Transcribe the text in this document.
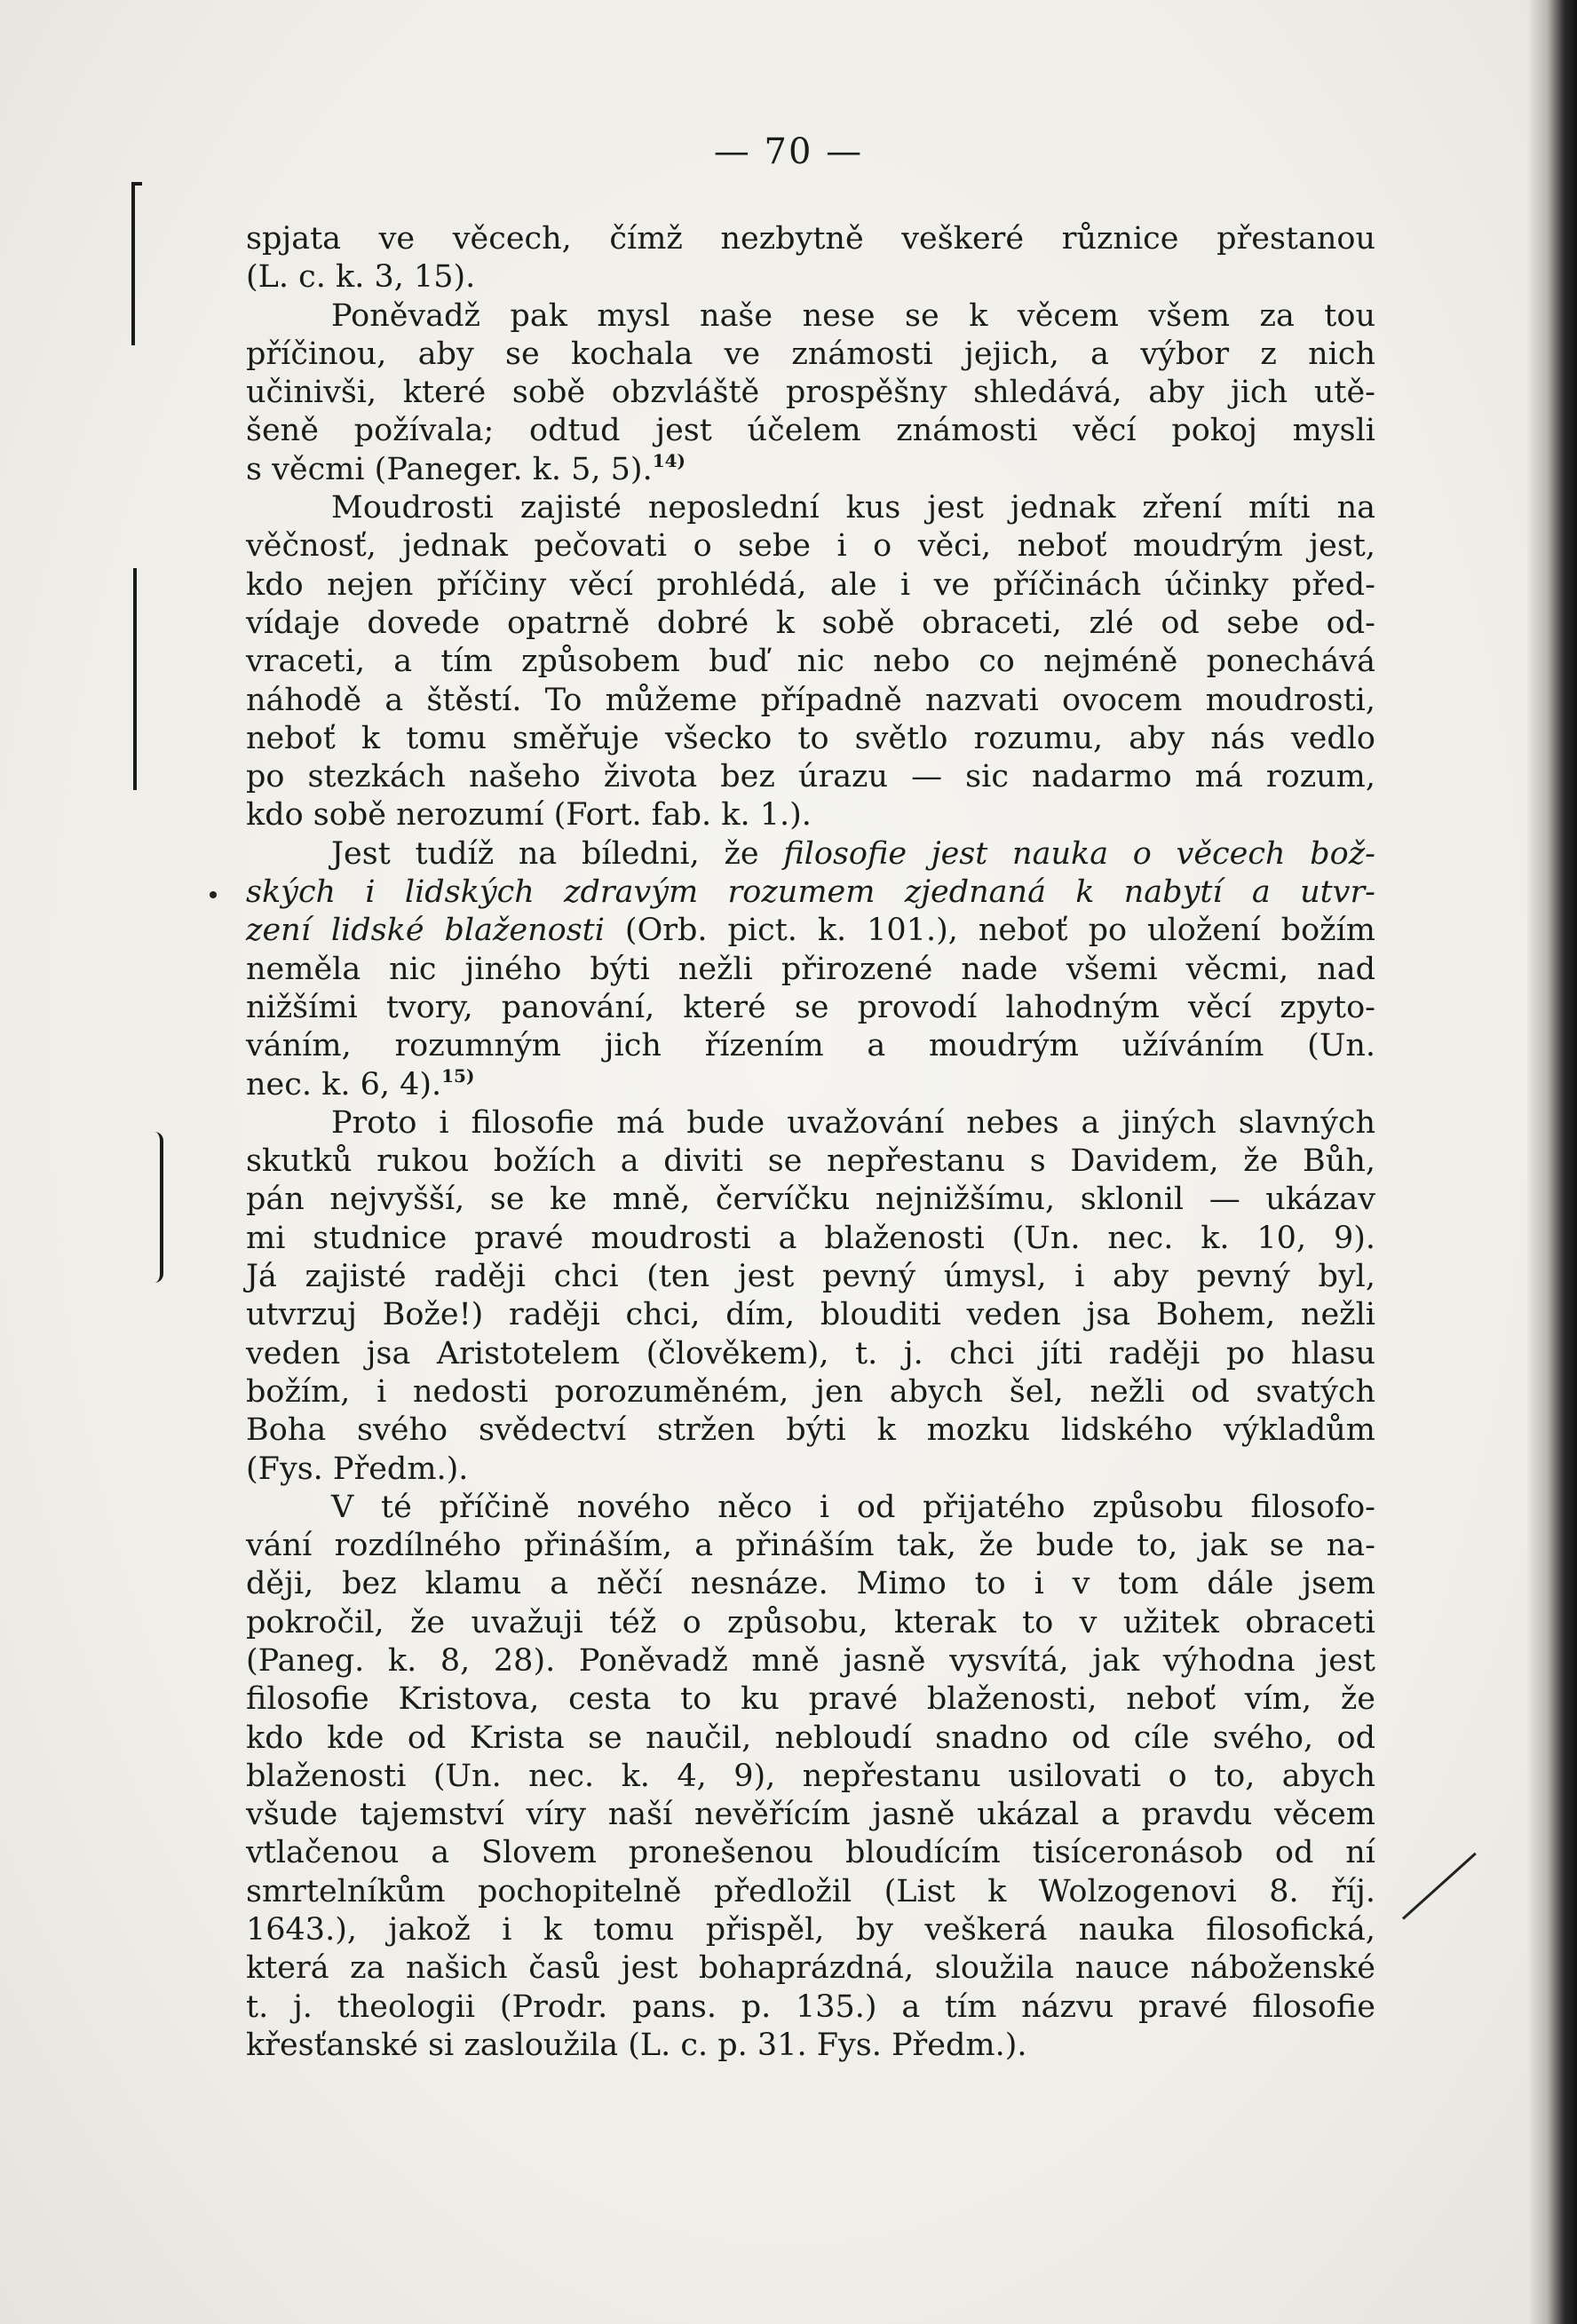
— 70 —
spjata ve věcech, čímž nezbytně veškeré různice přestanou
(L. c. k. 3, 15).
Poněvadž pak mysl naše nese se k věcem všem za tou
příčinou, aby se kochala ve známosti jejich, a výbor z nich
učinivši, které sobě obzvláště prospěšny shledává, aby jich utě-
šeně požívala; odtud jest účelem známosti věcí pokoj mysli
s věcmi (Paneger. k. 5, 5).$^{14)}$
Moudrosti zajisté neposlední kus jest jednak zření míti na
věčnosť, jednak pečovati o sebe i o věci, neboť moudrým jest,
kdo nejen příčiny věcí prohlédá, ale i ve příčinách účinky před-
vídaje dovede opatrně dobré k sobě obraceti, zlé od sebe od-
vraceti, a tím způsobem buď nic nebo co nejméně ponechává
náhodě a štěstí. To můžeme případně nazvati ovocem moudrosti,
neboť k tomu směřuje všecko to světlo rozumu, aby nás vedlo
po stezkách našeho života bez úrazu — sic nadarmo má rozum,
kdo sobě nerozumí (Fort. fab. k. 1.).
Jest tudíž na bíledni, že filosofie jest nauka o věcech bož-
ských i lidských zdravým rozumem zjednaná k nabytí a utvr-
zení lidské blaženosti (Orb. pict. k. 101.), neboť po uložení božím
neměla nic jiného býti nežli přirozené nade všemi věcmi, nad
nižšími tvory, panování, které se provodí lahodným věcí zpyto-
váním, rozumným jich řízením a moudrým užíváním (Un.
nec. k. 6, 4).$^{15)}$
Proto i filosofie má bude uvažování nebes a jiných slavných
skutků rukou božích a diviti se nepřestanu s Davidem, že Bůh,
pán nejvyšší, se ke mně, červíčku nejnižšímu, sklonil — ukázav
mi studnice pravé moudrosti a blaženosti (Un. nec. k. 10, 9).
Já zajisté raději chci (ten jest pevný úmysl, i aby pevný byl,
utvrzuj Bože!) raději chci, dím, blouditi veden jsa Bohem, nežli
veden jsa Aristotelem (člověkem), t. j. chci jíti raději po hlasu
božím, i nedosti porozuměném, jen abych šel, nežli od svatých
Boha svého svědectví stržen býti k mozku lidského výkladům
(Fys. Předm.).
V té příčině nového něco i od přijatého způsobu filosofo-
vání rozdílného přináším, a přináším tak, že bude to, jak se na-
ději, bez klamu a něčí nesnáze. Mimo to i v tom dále jsem
pokročil, že uvažuji též o způsobu, kterak to v užitek obraceti
(Paneg. k. 8, 28). Poněvadž mně jasně vysvítá, jak výhodna jest
filosofie Kristova, cesta to ku pravé blaženosti, neboť vím, že
kdo kde od Krista se naučil, nebloudí snadno od cíle svého, od
blaženosti (Un. nec. k. 4, 9), nepřestanu usilovati o to, abych
všude tajemství víry naší nevěřícím jasně ukázal a pravdu věcem
vtlačenou a Slovem pronešenou bloudícím tisíceronásob od ní
smrtelníkům pochopitelně předložil (List k Wolzogenovi 8. říj.
1643.), jakož i k tomu přispěl, by veškerá nauka filosofická,
která za našich časů jest bohaprázdná, sloužila nauce náboženské
t. j. theologii (Prodr. pans. p. 135.) a tím názvu pravé filosofie
křesťanské si zasloužila (L. c. p. 31. Fys. Předm.).
